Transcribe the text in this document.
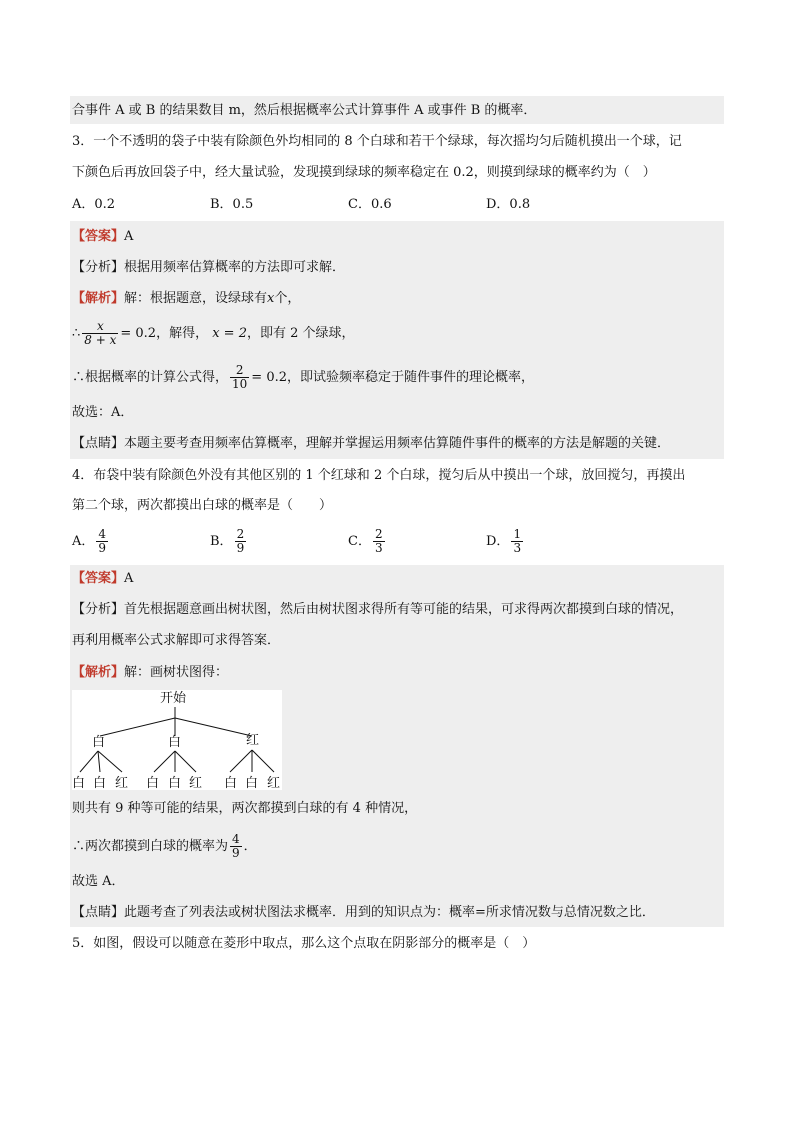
合事件 A 或 B 的结果数目 m，然后根据概率公式计算事件 A 或事件 B 的概率．
3．一个不透明的袋子中装有除颜色外均相同的 8 个白球和若干个绿球，每次摇均匀后随机摸出一个球，记
下颜色后再放回袋子中，经大量试验，发现摸到绿球的频率稳定在 0.2，则摸到绿球的概率约为（　）
A．0.2	B．0.5	C．0.6	D．0.8
【答案】A
【分析】根据用频率估算概率的方法即可求解．
【解析】解：根据题意，设绿球有x个，
∴ $\frac{x}{8 + x} = 0.2$，解得， x = 2，即有 2 个绿球，
∴根据概率的计算公式得， $\frac{2}{10} = 0.2$，即试验频率稳定于随件事件的理论概率，
故选：A．
【点睛】本题主要考查用频率估算概率，理解并掌握运用频率估算随件事件的概率的方法是解题的关键．
4．布袋中装有除颜色外没有其他区别的 1 个红球和 2 个白球，搅匀后从中摸出一个球，放回搅匀，再摸出
第二个球，两次都摸出白球的概率是（　　）
A． $\frac{4}{9}$	B． $\frac{2}{9}$	C． $\frac{2}{3}$	D． $\frac{1}{3}$
【答案】A
【分析】首先根据题意画出树状图，然后由树状图求得所有等可能的结果，可求得两次都摸到白球的情况，
再利用概率公式求解即可求得答案．
【解析】解：画树状图得：
开始
白	白	红
白 白 红 白 白 红 白 白 红
则共有 9 种等可能的结果，两次都摸到白球的有 4 种情况，
∴两次都摸到白球的概率为 $\frac{4}{9}$ ．
故选 A．
【点睛】此题考查了列表法或树状图法求概率．用到的知识点为：概率=所求情况数与总情况数之比．
5．如图，假设可以随意在菱形中取点，那么这个点取在阴影部分的概率是（　）
